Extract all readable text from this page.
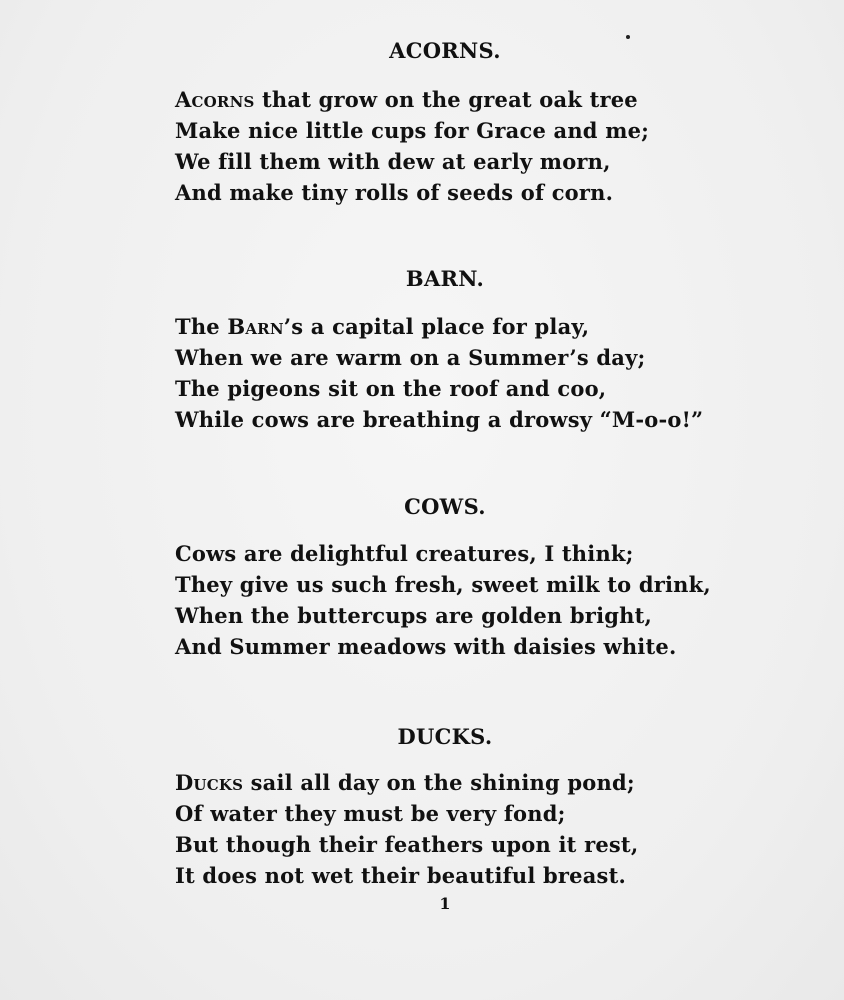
ACORNS.
Acorns that grow on the great oak tree
Make nice little cups for Grace and me;
We fill them with dew at early morn,
And make tiny rolls of seeds of corn.
BARN.
The Barn’s a capital place for play,
When we are warm on a Summer’s day;
The pigeons sit on the roof and coo,
While cows are breathing a drowsy “M-o-o!”
COWS.
Cows are delightful creatures, I think;
They give us such fresh, sweet milk to drink,
When the buttercups are golden bright,
And Summer meadows with daisies white.
DUCKS.
Ducks sail all day on the shining pond;
Of water they must be very fond;
But though their feathers upon it rest,
It does not wet their beautiful breast.
1
